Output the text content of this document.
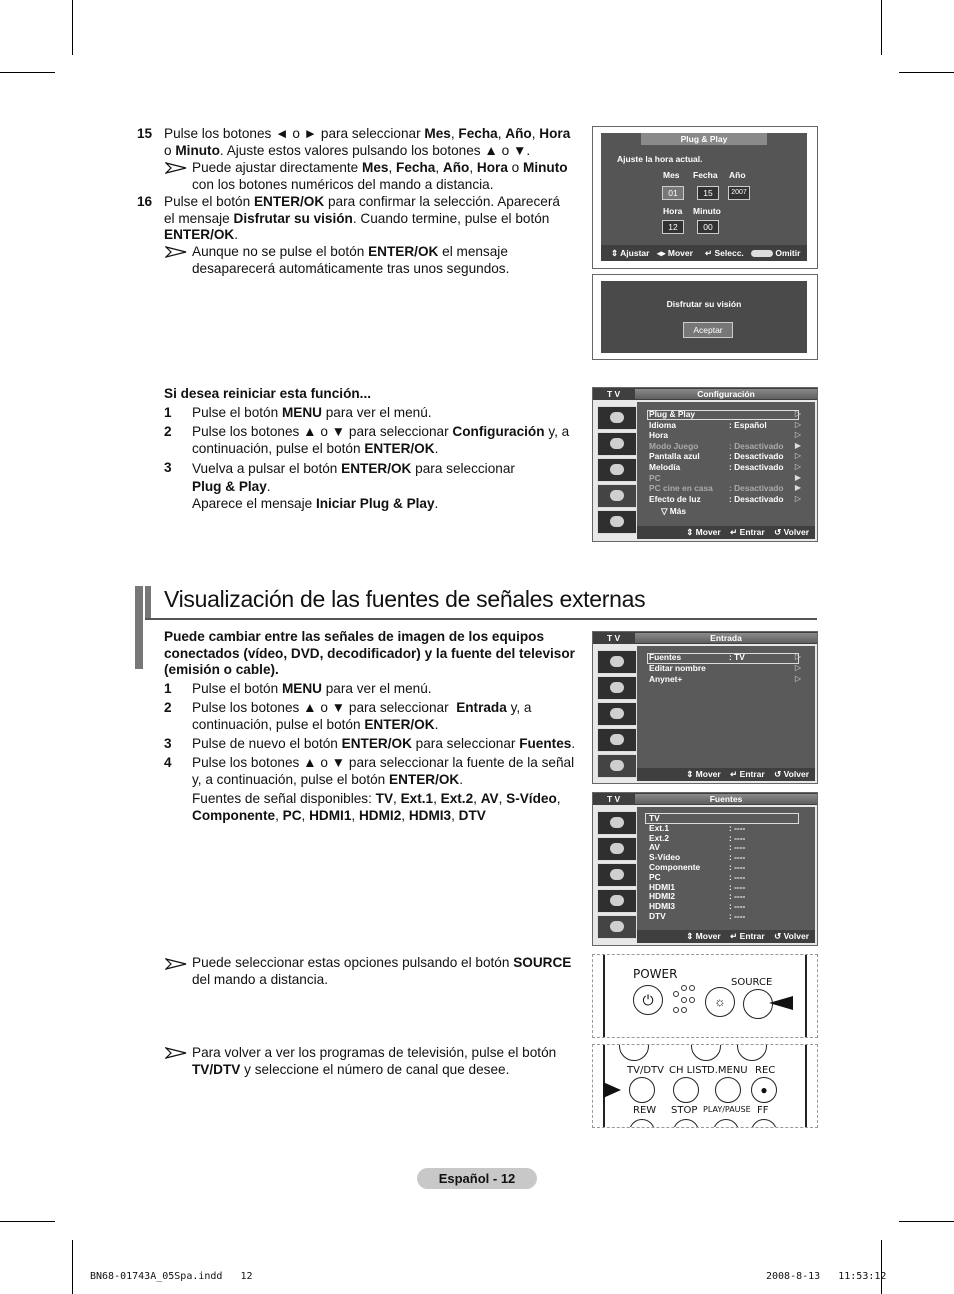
15 Pulse los botones ◄ o ► para seleccionar Mes, Fecha, Año, Hora
o Minuto. Ajuste estos valores pulsando los botones ▲ o ▼.
Puede ajustar directamente Mes, Fecha, Año, Hora o Minuto
con los botones numéricos del mando a distancia.
16 Pulse el botón ENTER/OK para confirmar la selección. Aparecerá
el mensaje Disfrutar su visión. Cuando termine, pulse el botón
ENTER/OK.
Aunque no se pulse el botón ENTER/OK el mensaje
desaparecerá automáticamente tras unos segundos.
Plug & Play
Ajuste la hora actual.
Mes Fecha Año
01	15	2007
Hora Minuto
12	00
⇕ Ajustar ◂▸ Mover ↵ Selecc.	Omitir
Disfrutar su visión
Aceptar
Si desea reiniciar esta función...
1 Pulse el botón MENU para ver el menú.
2 Pulse los botones ▲ o ▼ para seleccionar Configuración y, a
continuación, pulse el botón ENTER/OK.
3 Vuelva a pulsar el botón ENTER/OK para seleccionar
Plug & Play.
Aparece el mensaje Iniciar Plug & Play.
T V	Configuración
Plug & Play	▷
Idioma	: Español	▷
Hora	▷
Modo Juego	: Desactivado ▶
Pantalla azul	: Desactivado ▷
Melodía	: Desactivado ▷
PC	▶
PC cine en casa : Desactivado ▶
Efecto de luz	: Desactivado ▷
▽ Más
⇕ Mover    ↵ Entrar    ↺ Volver
Visualización de las fuentes de señales externas
Puede cambiar entre las señales de imagen de los equipos
conectados (vídeo, DVD, decodificador) y la fuente del televisor
(emisión o cable).
1 Pulse el botón MENU para ver el menú.
2 Pulse los botones ▲ o ▼ para seleccionar  Entrada y, a
continuación, pulse el botón ENTER/OK.
3 Pulse de nuevo el botón ENTER/OK para seleccionar Fuentes.
4 Pulse los botones ▲ o ▼ para seleccionar la fuente de la señal
y, a continuación, pulse el botón ENTER/OK.
Fuentes de señal disponibles: TV, Ext.1, Ext.2, AV, S-Vídeo,
Componente, PC, HDMI1, HDMI2, HDMI3, DTV
T V	Entrada
Fuentes	: TV	▷
Editar nombre	▷
Anynet+	▷
⇕ Mover    ↵ Entrar    ↺ Volver
T V	Fuentes
TV
Ext.1	: ----
Ext.2	: ----
AV	: ----
S-Vídeo	: ----
Componente	: ----
PC	: ----
HDMI1	: ----
HDMI2	: ----
HDMI3	: ----
DTV	: ----
⇕ Mover    ↵ Entrar    ↺ Volver
Puede seleccionar estas opciones pulsando el botón SOURCE
del mando a distancia.
Para volver a ver los programas de televisión, pulse el botón
TV/DTV y seleccione el número de canal que desee.
POWER
⏻	☼
SOURCE
TV/DTV CH LIST D.MENU REC
●
REW STOP PLAY/PAUSE FF
Español - 12
BN68-01743A_05Spa.indd   12	2008-8-13   11:53:12
